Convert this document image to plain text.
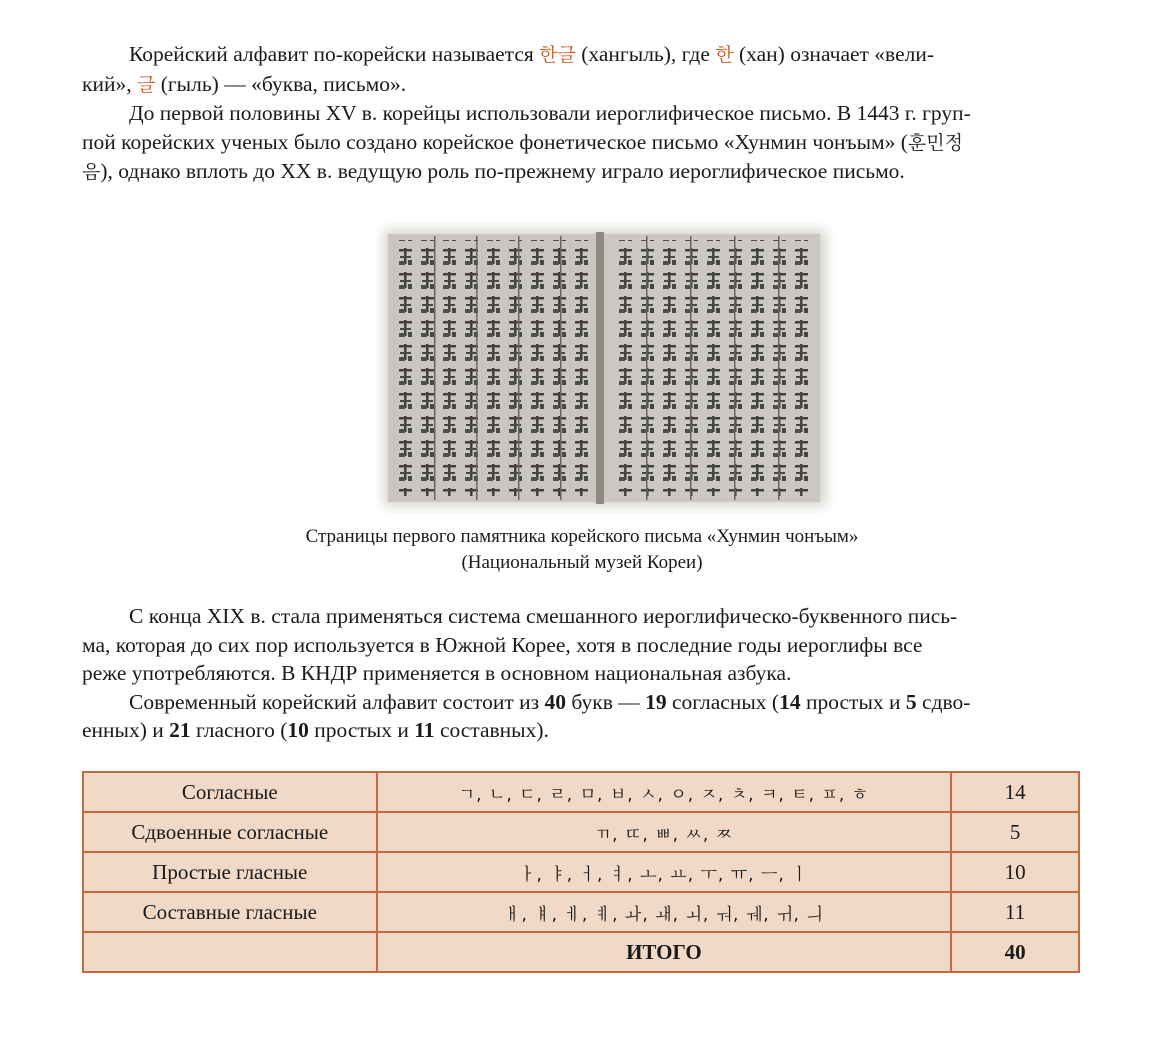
Корейский алфавит по-корейски называется 한글 (хангыль), где 한 (хан) означает «вели-
кий», 글 (гыль) — «буква, письмо».

До первой половины XV в. корейцы использовали иероглифическое письмо. В 1443 г. груп-
пой корейских ученых было создано корейское фонетическое письмо «Хунмин чонъым» (훈민정
음), однако вплоть до XX в. ведущую роль по-прежнему играло иероглифическое письмо.

Страницы первого памятника корейского письма «Хунмин чонъым»
(Национальный музей Кореи)

С конца XIX в. стала применяться система смешанного иероглифическо-буквенного пись-
ма, которая до сих пор используется в Южной Корее, хотя в последние годы иероглифы все
реже употребляются. В КНДР применяется в основном национальная азбука.

Современный корейский алфавит состоит из 40 букв — 19 согласных (14 простых и 5 сдво-
енных) и 21 гласного (10 простых и 11 составных).

Согласные	ㄱ, ㄴ, ㄷ, ㄹ, ㅁ, ㅂ, ㅅ, ㅇ, ㅈ, ㅊ, ㅋ, ㅌ, ㅍ, ㅎ	14
Сдвоенные согласные	ㄲ, ㄸ, ㅃ, ㅆ, ㅉ	5
Простые гласные	ㅏ, ㅑ, ㅓ, ㅕ, ㅗ, ㅛ, ㅜ, ㅠ, ㅡ, ㅣ	10
Составные гласные	ㅐ, ㅒ, ㅔ, ㅖ, ㅘ, ㅙ, ㅚ, ㅝ, ㅞ, ㅟ, ㅢ	11
	ИТОГО	40
